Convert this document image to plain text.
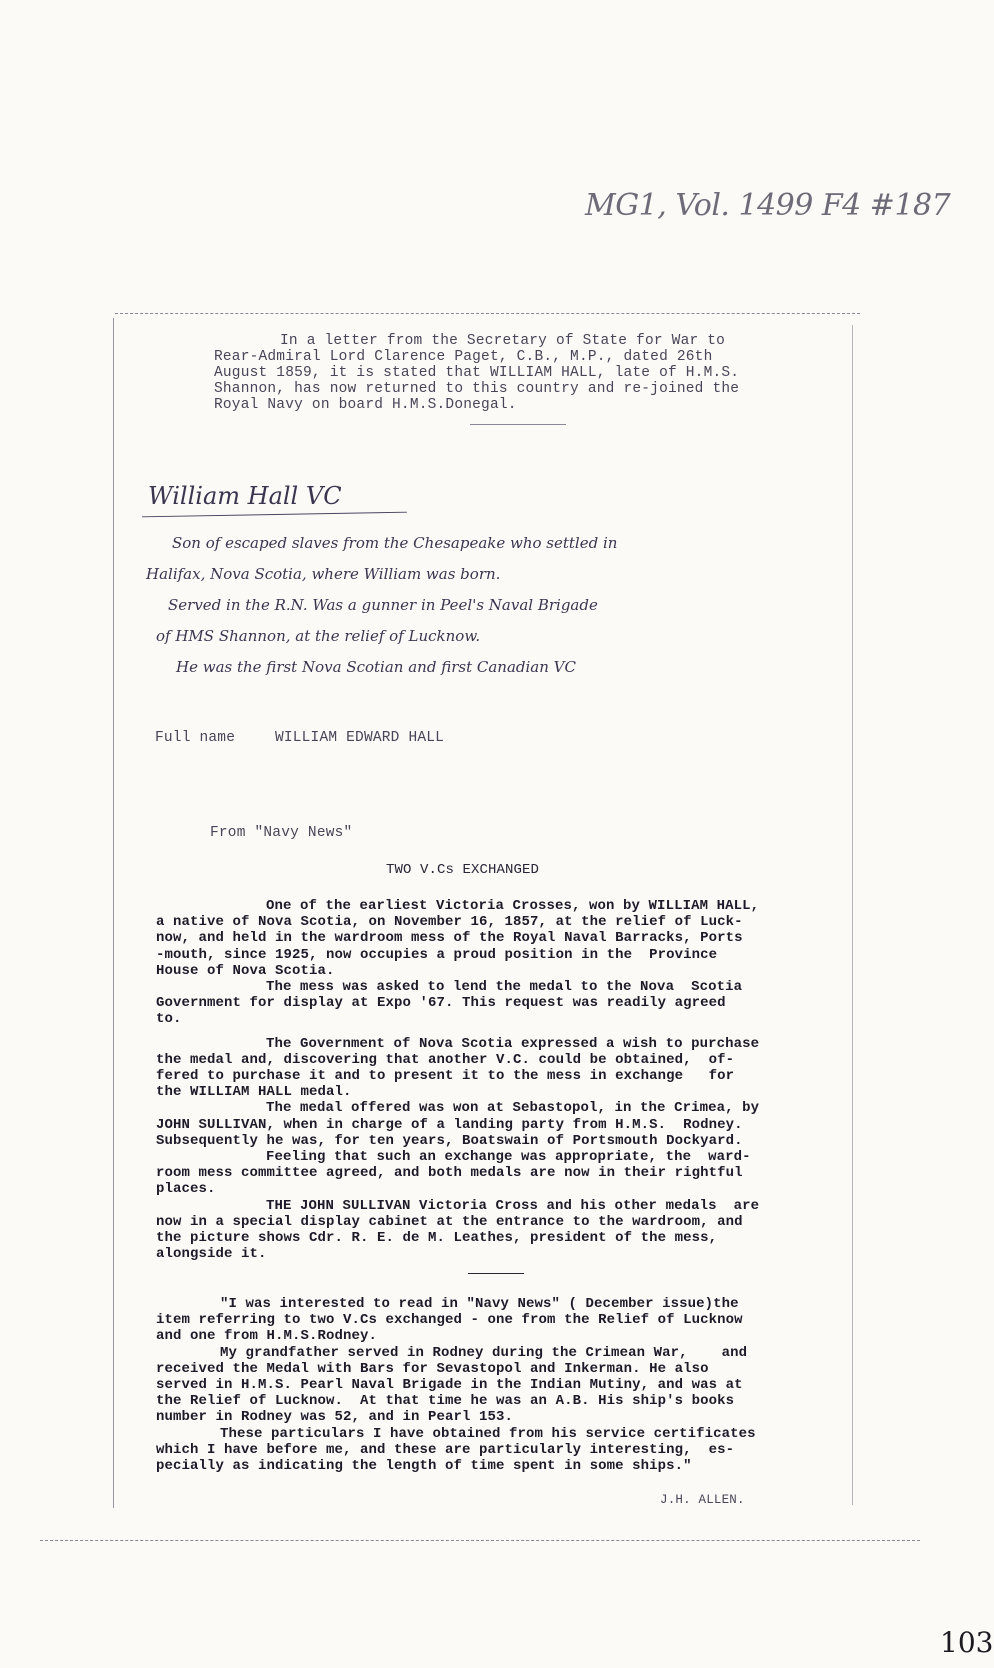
MG1, Vol. 1499 F4 #187
In a letter from the Secretary of State for War to
Rear-Admiral Lord Clarence Paget, C.B., M.P., dated 26th
August 1859, it is stated that WILLIAM HALL, late of H.M.S.
Shannon, has now returned to this country and re-joined the
Royal Navy on board H.M.S.Donegal.
William Hall VC
Son of escaped slaves from the Chesapeake who settled in
Halifax, Nova Scotia, where William was born.
Served in the R.N. Was a gunner in Peel's Naval Brigade
of HMS Shannon, at the relief of Lucknow.
He was the first Nova Scotian and first Canadian VC
Full name	WILLIAM EDWARD HALL
From "Navy News"
TWO V.Cs EXCHANGED
One of the earliest Victoria Crosses, won by WILLIAM HALL,
a native of Nova Scotia, on November 16, 1857, at the relief of Luck-
now, and held in the wardroom mess of the Royal Naval Barracks, Ports
-mouth, since 1925, now occupies a proud position in the  Province
House of Nova Scotia.
The mess was asked to lend the medal to the Nova  Scotia
Government for display at Expo '67. This request was readily agreed
to.
The Government of Nova Scotia expressed a wish to purchase
the medal and, discovering that another V.C. could be obtained,  of-
fered to purchase it and to present it to the mess in exchange   for
the WILLIAM HALL medal.
The medal offered was won at Sebastopol, in the Crimea, by
JOHN SULLIVAN, when in charge of a landing party from H.M.S.  Rodney.
Subsequently he was, for ten years, Boatswain of Portsmouth Dockyard.
Feeling that such an exchange was appropriate, the  ward-
room mess committee agreed, and both medals are now in their rightful
places.
THE JOHN SULLIVAN Victoria Cross and his other medals  are
now in a special display cabinet at the entrance to the wardroom, and
the picture shows Cdr. R. E. de M. Leathes, president of the mess,
alongside it.
"I was interested to read in "Navy News" ( December issue)the
item referring to two V.Cs exchanged - one from the Relief of Lucknow
and one from H.M.S.Rodney.
My grandfather served in Rodney during the Crimean War,    and
received the Medal with Bars for Sevastopol and Inkerman. He also
served in H.M.S. Pearl Naval Brigade in the Indian Mutiny, and was at
the Relief of Lucknow.  At that time he was an A.B. His ship's books
number in Rodney was 52, and in Pearl 153.
These particulars I have obtained from his service certificates
which I have before me, and these are particularly interesting,  es-
pecially as indicating the length of time spent in some ships."
J.H. ALLEN.
103
